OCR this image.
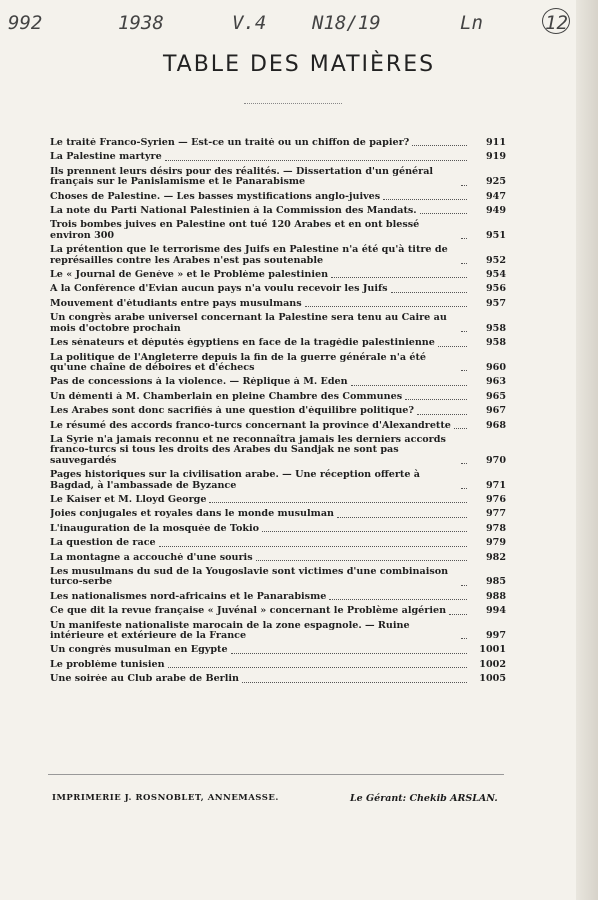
992	1938	V.4 N18/19	Ln	12
TABLE DES MATIÈRES
Le traité Franco-Syrien — Est-ce un traité ou un chiffon de papier?	911
La Palestine martyre	919
Ils prennent leurs désirs pour des réalités. — Dissertation d'un général français sur le Panislamisme et le Panarabisme	925
Choses de Palestine. — Les basses mystifications anglo-juives	947
La note du Parti National Palestinien à la Commission des Mandats.	949
Trois bombes juives en Palestine ont tué 120 Arabes et en ont blessé environ 300	951
La prétention que le terrorisme des Juifs en Palestine n'a été qu'à titre de représailles contre les Arabes n'est pas soutenable	952
Le « Journal de Genève » et le Problème palestinien	954
A la Conférence d'Evian aucun pays n'a voulu recevoir les Juifs	956
Mouvement d'étudiants entre pays musulmans	957
Un congrès arabe universel concernant la Palestine sera tenu au Caire au mois d'octobre prochain	958
Les sénateurs et députés égyptiens en face de la tragédie palestinienne	958
La politique de l'Angleterre depuis la fin de la guerre générale n'a été qu'une chaîne de déboires et d'échecs	960
Pas de concessions à la violence. — Réplique à M. Eden	963
Un démenti à M. Chamberlain en pleine Chambre des Communes	965
Les Arabes sont donc sacrifiés à une question d'équilibre politique?	967
Le résumé des accords franco-turcs concernant la province d'Alexandrette	968
La Syrie n'a jamais reconnu et ne reconnaîtra jamais les derniers accords franco-turcs si tous les droits des Arabes du Sandjak ne sont pas sauvegardés	970
Pages historiques sur la civilisation arabe. — Une réception offerte à Bagdad, à l'ambassade de Byzance	971
Le Kaiser et M. Lloyd George	976
Joies conjugales et royales dans le monde musulman	977
L'inauguration de la mosquée de Tokio	978
La question de race	979
La montagne a accouché d'une souris	982
Les musulmans du sud de la Yougoslavie sont victimes d'une combinaison turco-serbe	985
Les nationalismes nord-africains et le Panarabisme	988
Ce que dit la revue française « Juvénal » concernant le Problème algérien	994
Un manifeste nationaliste marocain de la zone espagnole. — Ruine intérieure et extérieure de la France	997
Un congrès musulman en Egypte	1001
Le problème tunisien	1002
Une soirée au Club arabe de Berlin	1005
IMPRIMERIE J. ROSNOBLET, ANNEMASSE.	Le Gérant: Chekib ARSLAN.
